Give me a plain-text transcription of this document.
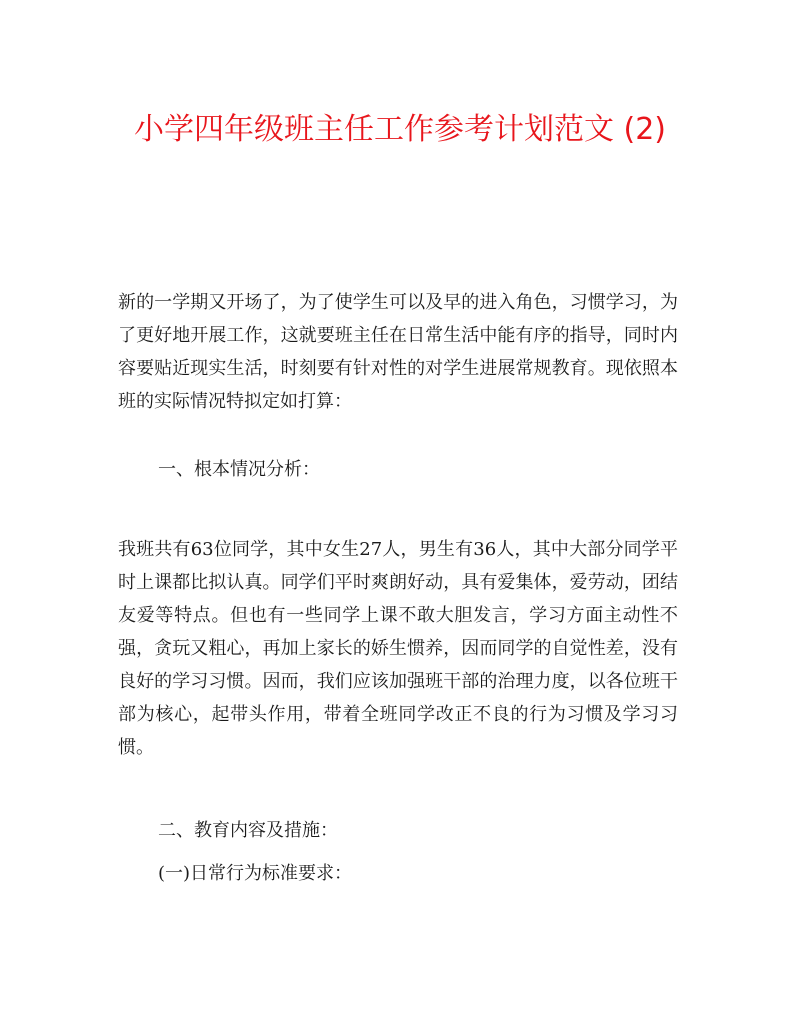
小学四年级班主任工作参考计划范文 (2)

新的一学期又开场了，为了使学生可以及早的进入角色，习惯学习，为了更好地开展工作，这就要班主任在日常生活中能有序的指导，同时内容要贴近现实生活，时刻要有针对性的对学生进展常规教育。现依照本班的实际情况特拟定如打算：

一、根本情况分析：

我班共有63位同学，其中女生27人，男生有36人，其中大部分同学平时上课都比拟认真。同学们平时爽朗好动，具有爱集体，爱劳动，团结友爱等特点。但也有一些同学上课不敢大胆发言，学习方面主动性不强，贪玩又粗心，再加上家长的娇生惯养，因而同学的自觉性差，没有良好的学习习惯。因而，我们应该加强班干部的治理力度，以各位班干部为核心，起带头作用，带着全班同学改正不良的行为习惯及学习习惯。

二、教育内容及措施：

(一)日常行为标准要求：
